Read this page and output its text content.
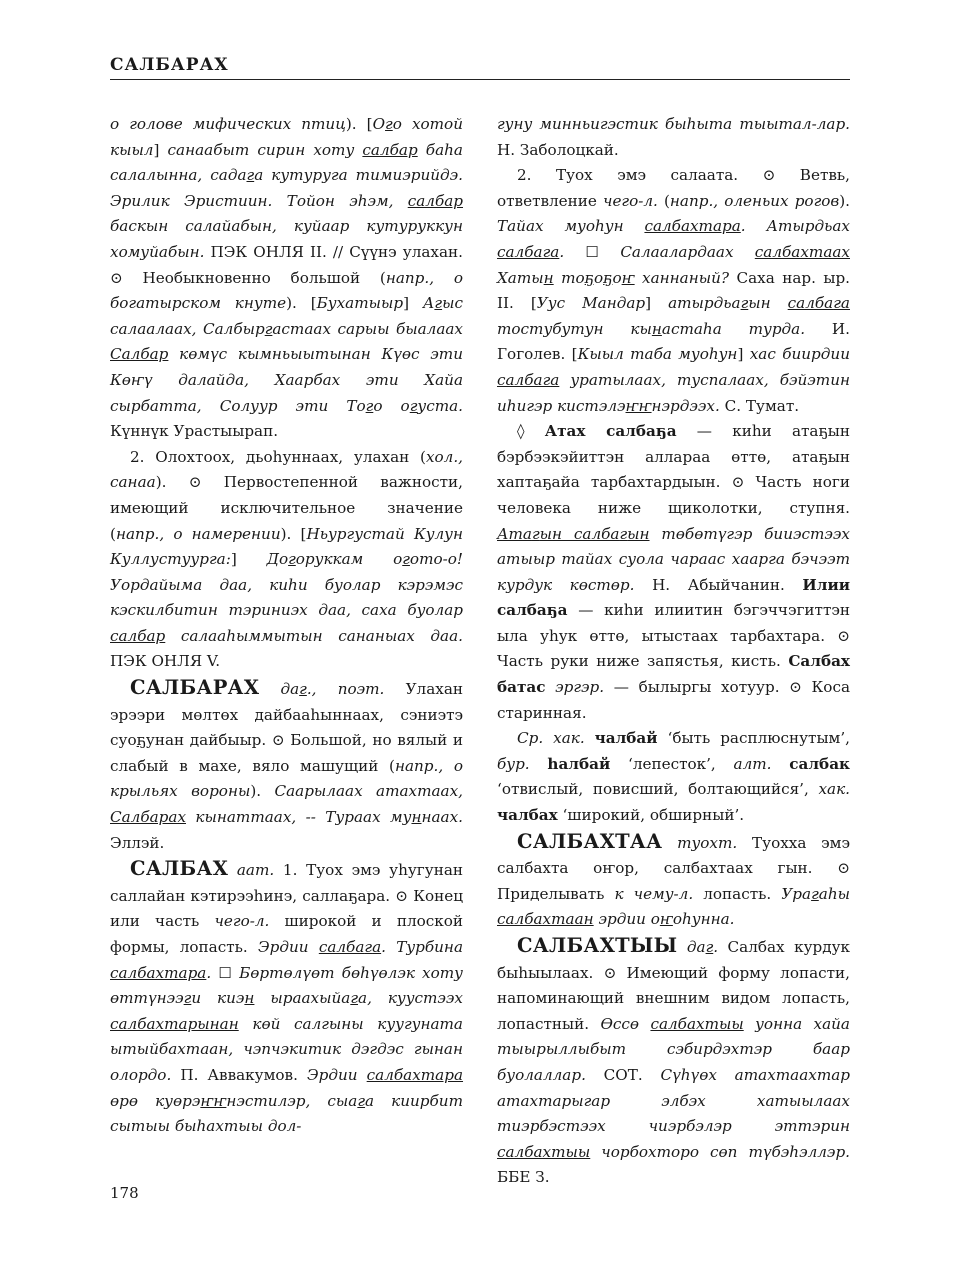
САЛБАРАХ

о голове мифических птиц). [Ого хотой кыыл] санаабыт сирин хоту салбар баһа салалынна, садага кутуруга тимиэрийдэ. Эрилик Эристиин. Тойон эһэм, салбар баскын салайабын, куйаар кутуруккун хомуйабын. ПЭК ОНЛЯ II. // Сүүнэ улахан. ⊙ Необыкновенно большой (напр., о богатырском кнуте). [Бухатыыр] Агыс салаалаах, Салбыргастаах сарыы быалаах Салбар көмүс кымньыытынан Күөс эти Көҥү далайда, Хаарбах эти Хайа сырбатта, Солуур эти Того огуста. Күннүк Урастыырап.

2. Олохтоох, дьоһуннаах, улахан (хол., санаа). ⊙ Первостепенной важности, имеющий исключительное значение (напр., о намерении). [Ньургустай Кулун Куллустуурга:] Догоруккам огото-о! Уордайыма даа, киһи буолар кэрэмэс кэскилбитин тэриниэх даа, саха буолар салбар салааһыммытын сананыах даа. ПЭК ОНЛЯ V.

САЛБАРАХ даг., поэт. Улахан эрээри мөлтөх дайбааһыннаах, сэниэтэ суоҕунан дайбыыр. ⊙ Большой, но вялый и слабый в махе, вяло машущий (напр., о крыльях вороны). Саарылаах атахтаах, Салбарах кынаттаах, -- Тураах муннаах. Эллэй.

САЛБАХ аат. 1. Туох эмэ уһугунан саллайан кэтирээһинэ, саллаҕара. ⊙ Конец или часть чего-л. широкой и плоской формы, лопасть. Эрдии салбага. Турбина салбахтара. ☐ Бөртөлүөт бөһүөлэк хоту өттүнээги киэн ыраахыйага, кууcтээх салбахтарынан көй салгыны куугуната ытыйбахтаан, чэпчэкитик дэгдэс гынан олордо. П. Аввакумов. Эрдии салбахтара өрө куөрэҥҥнэстилэр, сыага киирбит сытыы быһахтыы дол-

гуну минньигэстик быһыта тыытал-лар. Н. Заболоцкай.

2. Туох эмэ салаата. ⊙ Ветвь, ответвление чего-л. (напр., оленьих рогов). Тайах муоһун салбахтара. Атырдьах салбага. ☐ Салаалардаах салбахтаах Хатын тоҕоҕоҥ ханнаный? Саха нар. ыр. II. [Уус Мандар] атырдьагын салбага тостубутун кынастаһа турда. И. Гоголев. [Кыыл таба муоһун] хас биирдии салбага уратылаах, туспалаах, бэйэтин иһигэр кистэлэҥҥнэрдээх. С. Тумат.

◊ Атах салбаҕа — киһи атаҕын бэрбээкэйиттэн алларaa өттө, атаҕын хаптаҕайа тарбахтардыын. ⊙ Часть ноги человека ниже щиколотки, ступня. Атагын салбагын төбөтүгэр бииэстээх атыыр тайах суола чараас хаарга бэчээт курдук көстөр. Н. Абыйчанин. Илии салбаҕа — киһи илиитин бэгэччэгиттэн ыла уһук өттө, ытыстаах тарбахтара. ⊙ Часть руки ниже запястья, кисть. Салбах батас эргэр. — былыргы хотуур. ⊙ Коса старинная.

Ср. хак. чалбай ‘быть расплюснутым’, бур. һалбай ‘лепесток’, алт. салбак ‘отвислый, повисший, болтающийся’, хак. чалбах ‘широкий, обширный’.

САЛБАХТАА туохт. Туохха эмэ салбахта оҥор, салбахтаах гын. ⊙ Приделывать к чему-л. лопасть. Урагаһы салбахтаан эрдии оҥоһунна.

САЛБАХТЫЫ даг. Салбах курдук быһыылаах. ⊙ Имеющий форму лопасти, напоминающий внешним видом лопасть, лопастный. Өссө салбахтыы уонна хайа тыырыллыбыт сэбирдэхтэр баар буолаллар. СОТ. Сүһүөх атахтаахтар атахтарыгар элбэх хатыылаах тиэрбэстээх чиэрбэлэр эттэрин салбахтыы чорбохторо сөп түбэһэллэр. ББЕ З.

178
